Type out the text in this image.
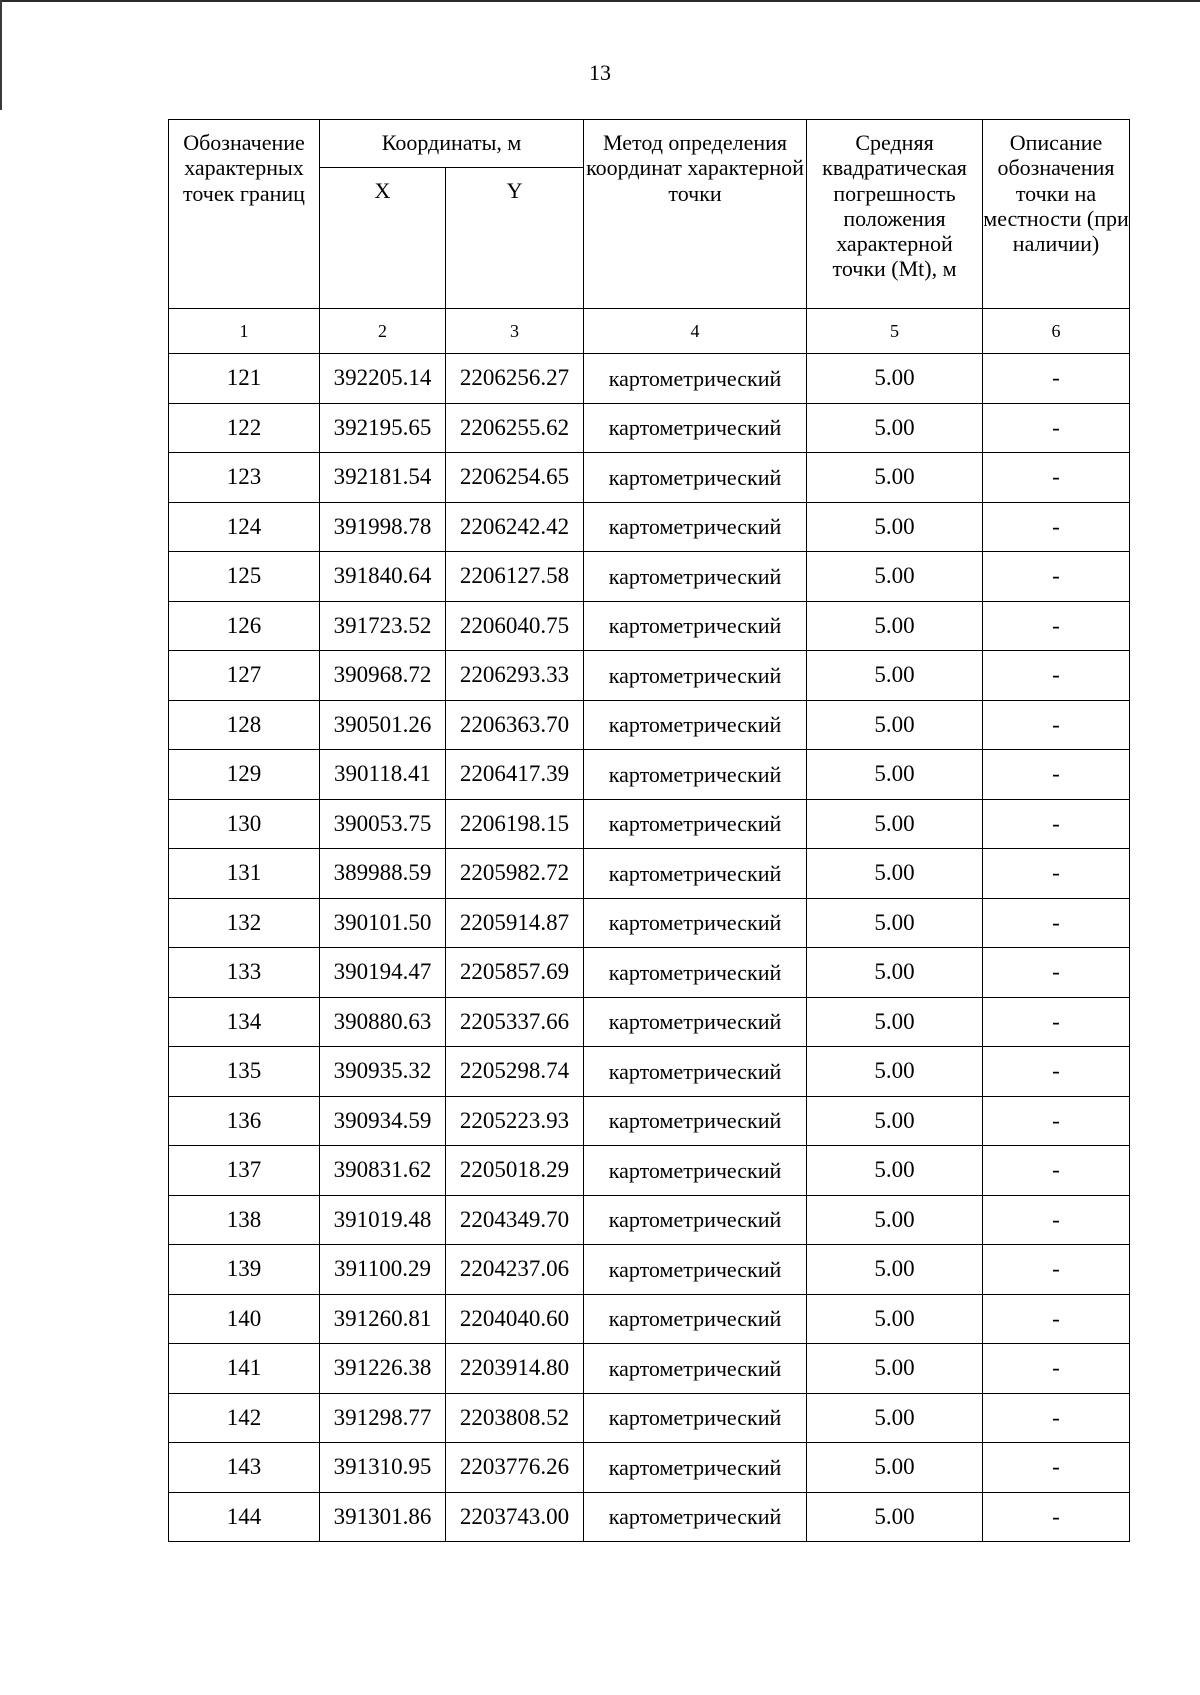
13
Обозначение характерных точек границ	Координаты, м		Метод определения координат характерной точки	Средняя квадратическая погрешность положения характерной точки (Mt), м	Описание обозначения точки на местности (при наличии)
	X	Y			
1	2	3	4	5	6
121	392205.14	2206256.27	картометрический	5.00	-
122	392195.65	2206255.62	картометрический	5.00	-
123	392181.54	2206254.65	картометрический	5.00	-
124	391998.78	2206242.42	картометрический	5.00	-
125	391840.64	2206127.58	картометрический	5.00	-
126	391723.52	2206040.75	картометрический	5.00	-
127	390968.72	2206293.33	картометрический	5.00	-
128	390501.26	2206363.70	картометрический	5.00	-
129	390118.41	2206417.39	картометрический	5.00	-
130	390053.75	2206198.15	картометрический	5.00	-
131	389988.59	2205982.72	картометрический	5.00	-
132	390101.50	2205914.87	картометрический	5.00	-
133	390194.47	2205857.69	картометрический	5.00	-
134	390880.63	2205337.66	картометрический	5.00	-
135	390935.32	2205298.74	картометрический	5.00	-
136	390934.59	2205223.93	картометрический	5.00	-
137	390831.62	2205018.29	картометрический	5.00	-
138	391019.48	2204349.70	картометрический	5.00	-
139	391100.29	2204237.06	картометрический	5.00	-
140	391260.81	2204040.60	картометрический	5.00	-
141	391226.38	2203914.80	картометрический	5.00	-
142	391298.77	2203808.52	картометрический	5.00	-
143	391310.95	2203776.26	картометрический	5.00	-
144	391301.86	2203743.00	картометрический	5.00	-
